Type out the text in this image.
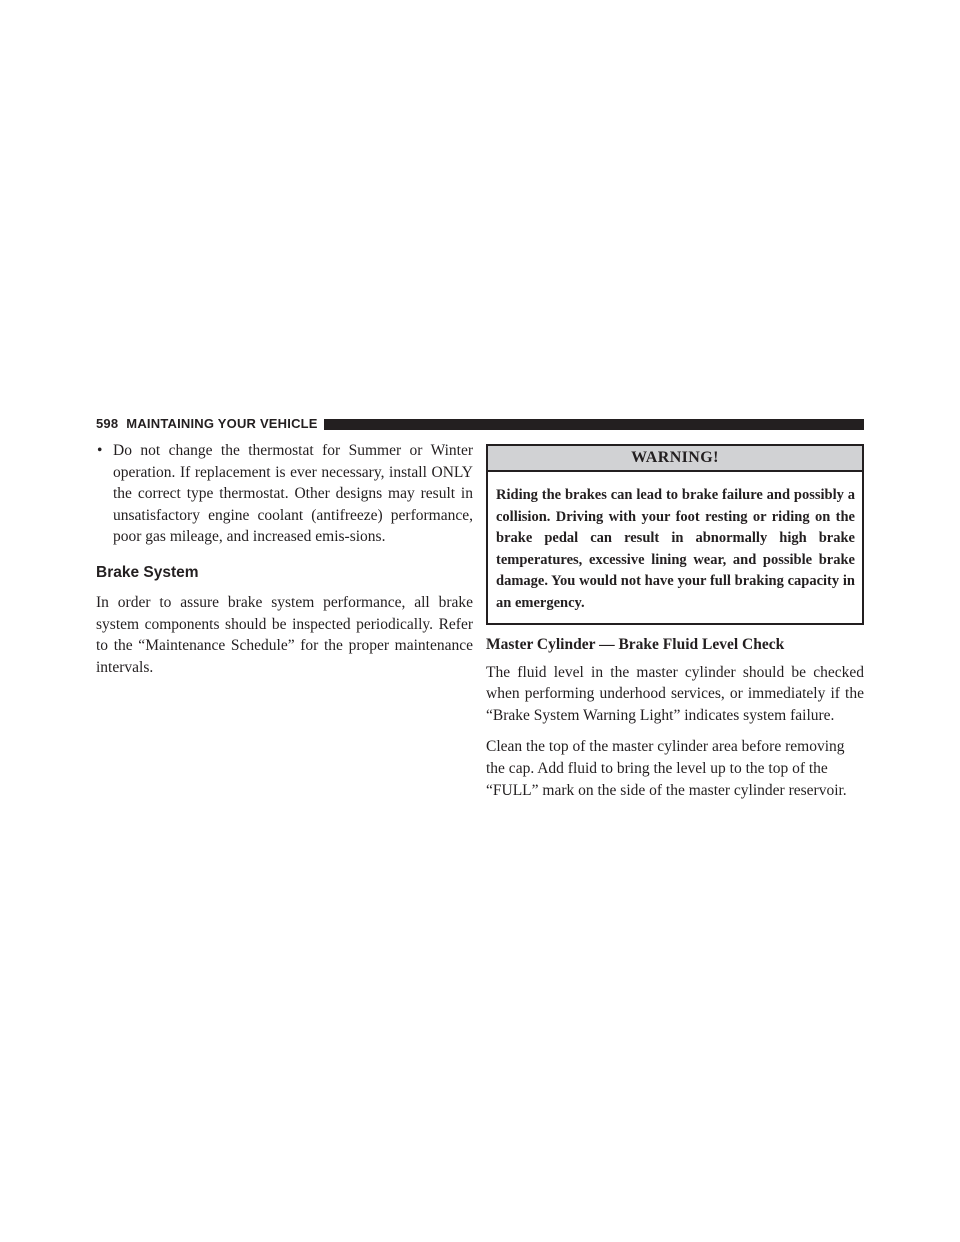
598 MAINTAINING YOUR VEHICLE
• Do not change the thermostat for Summer or Winter operation. If replacement is ever necessary, install ONLY the correct type thermostat. Other designs may result in unsatisfactory engine coolant (antifreeze) performance, poor gas mileage, and increased emis-sions.
Brake System

In order to assure brake system performance, all brake system components should be inspected periodically. Refer to the “Maintenance Schedule” for the proper maintenance intervals.

WARNING!
Riding the brakes can lead to brake failure and possibly a collision. Driving with your foot resting or riding on the brake pedal can result in abnormally high brake temperatures, excessive lining wear, and possible brake damage. You would not have your full braking capacity in an emergency.
Master Cylinder — Brake Fluid Level Check

The fluid level in the master cylinder should be checked when performing underhood services, or immediately if the “Brake System Warning Light” indicates system failure.

Clean the top of the master cylinder area before removing the cap. Add fluid to bring the level up to the top of the “FULL” mark on the side of the master cylinder reservoir.
